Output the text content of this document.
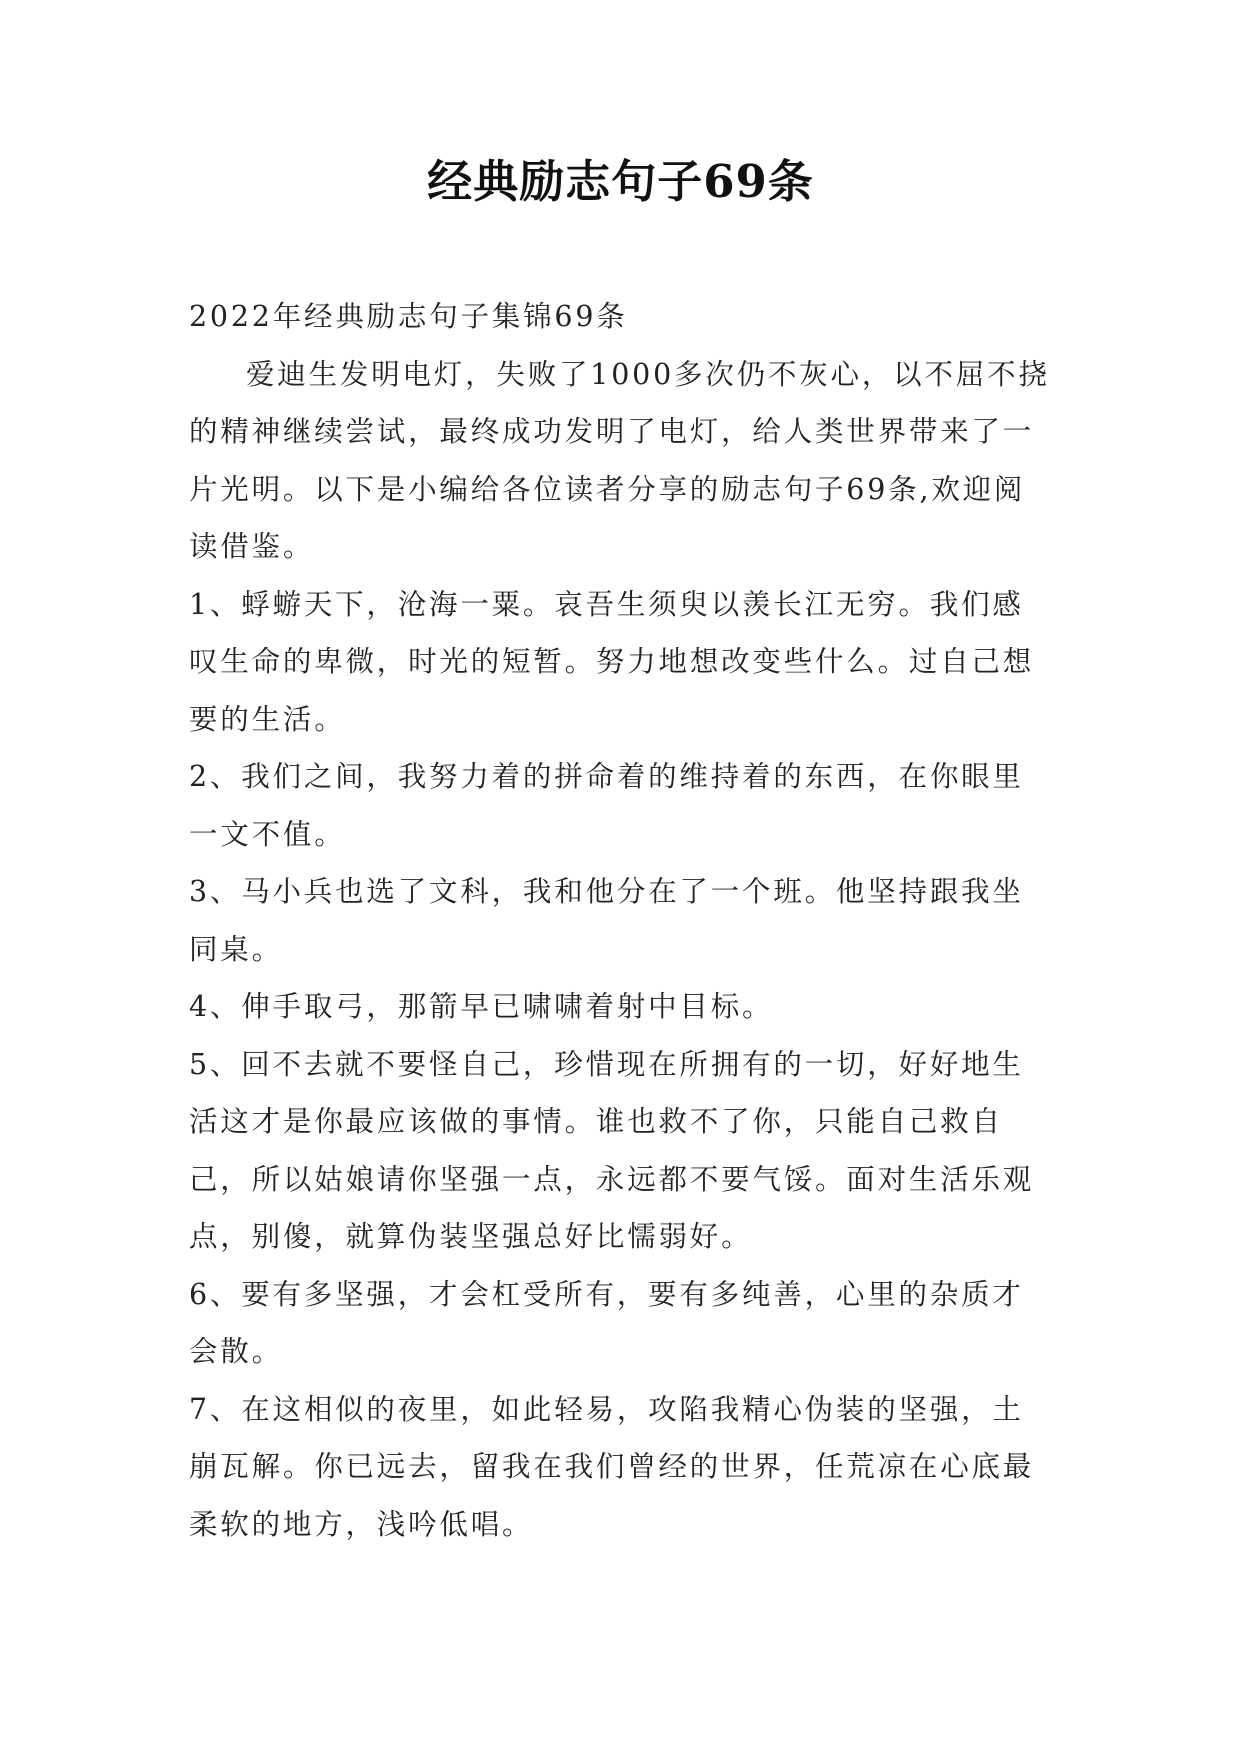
经典励志句子69条

2022年经典励志句子集锦69条

爱迪生发明电灯，失败了1000多次仍不灰心，以不屈不挠的精神继续尝试，最终成功发明了电灯，给人类世界带来了一片光明。以下是小编给各位读者分享的励志句子69条,欢迎阅读借鉴。

1、蜉蝣天下，沧海一粟。哀吾生须臾以羡长江无穷。我们感叹生命的卑微，时光的短暂。努力地想改变些什么。过自己想要的生活。

2、我们之间，我努力着的拼命着的维持着的东西，在你眼里一文不值。

3、马小兵也选了文科，我和他分在了一个班。他坚持跟我坐同桌。

4、伸手取弓，那箭早已啸啸着射中目标。

5、回不去就不要怪自己，珍惜现在所拥有的一切，好好地生活这才是你最应该做的事情。谁也救不了你，只能自己救自己，所以姑娘请你坚强一点，永远都不要气馁。面对生活乐观点，别傻，就算伪装坚强总好比懦弱好。

6、要有多坚强，才会杠受所有，要有多纯善，心里的杂质才会散。

7、在这相似的夜里，如此轻易，攻陷我精心伪装的坚强，土崩瓦解。你已远去，留我在我们曾经的世界，任荒凉在心底最柔软的地方，浅吟低唱。
